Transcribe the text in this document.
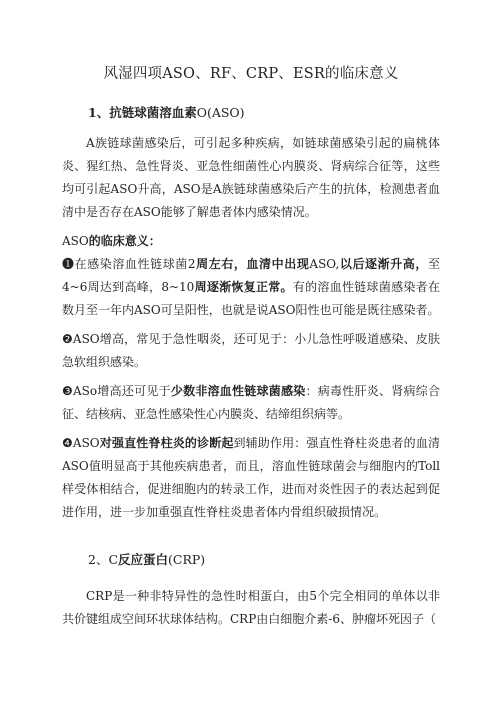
风湿四项ASO、RF、CRP、ESR的临床意义
1、抗链球菌溶血素O(ASO)

A族链球菌感染后，可引起多种疾病，如链球菌感染引起的扁桃体炎、猩红热、急性肾炎、亚急性细菌性心内膜炎、肾病综合征等，这些均可引起ASO升高，ASO是A族链球菌感染后产生的抗体，检测患者血清中是否存在ASO能够了解患者体内感染情况。

ASO的临床意义：

❶在感染溶血性链球菌2周左右，血清中出现ASO,以后逐渐升高，至4~6周达到高峰，8~10周逐渐恢复正常。有的溶血性链球菌感染者在数月至一年内ASO可呈阳性，也就是说ASO阳性也可能是既往感染者。

❷ASO增高，常见于急性咽炎，还可见于：小儿急性呼吸道感染、皮肤急软组织感染。

❸ASo增高还可见于少数非溶血性链球菌感染：病毒性肝炎、肾病综合征、结核病、亚急性感染性心内膜炎、结缔组织病等。

❹ASO对强直性脊柱炎的诊断起到辅助作用：强直性脊柱炎患者的血清ASO值明显高于其他疾病患者，而且，溶血性链球菌会与细胞内的Toll样受体相结合，促进细胞内的转录工作，进而对炎性因子的表达起到促进作用，进一步加重强直性脊柱炎患者体内骨组织破损情况。

2、C反应蛋白(CRP)

CRP是一种非特异性的急性时相蛋白，由5个完全相同的单体以非共价键组成空间环状球体结构。CRP由白细胞介素-6、肿瘤坏死因子（
